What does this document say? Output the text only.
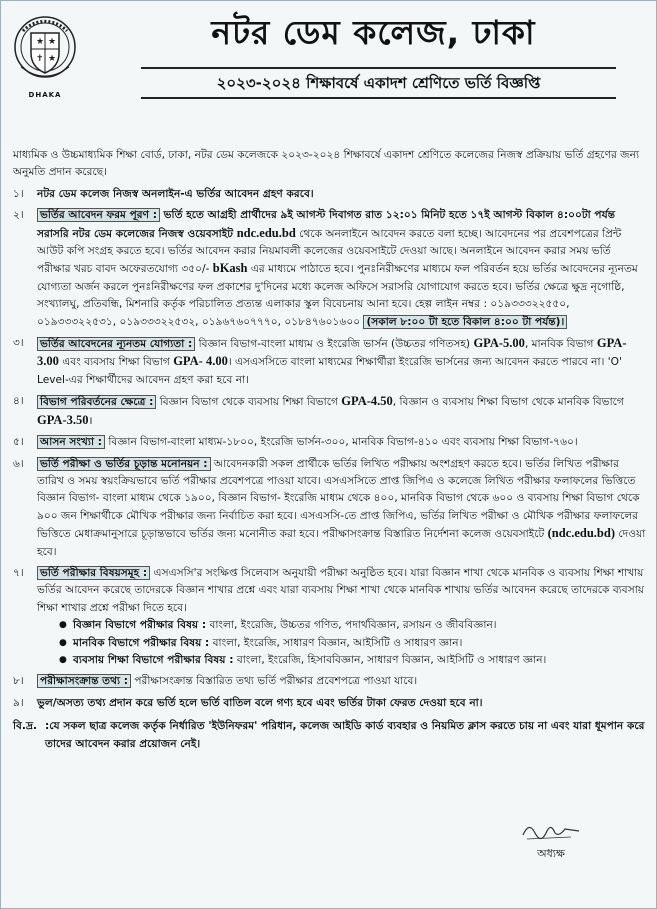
★ ★
✝ ★
DHAKA
নটর ডেম কলেজ, ঢাকা
২০২৩-২০২৪ শিক্ষাবর্ষে একাদশ শ্রেণিতে ভর্তি বিজ্ঞপ্তি

মাধ্যমিক ও উচ্চমাধ্যমিক শিক্ষা বোর্ড, ঢাকা, নটর ডেম কলেজকে ২০২৩-২০২৪ শিক্ষাবর্ষে একাদশ শ্রেণিতে কলেজের নিজস্ব প্রক্রিয়ায় ভর্তি গ্রহণের জন্য অনুমতি প্রদান করেছে।

১।	নটর ডেম কলেজ নিজস্ব অনলাইন-এ ভর্তির আবেদন গ্রহণ করবে।
২।	ভর্তির আবেদন ফরম পূরণ : ভর্তি হতে আগ্রহী প্রার্থীদের ৯ই আগস্ট দিবাগত রাত ১২:০১ মিনিট হতে ১৭ই আগস্ট বিকাল ৪:০০টা পর্যন্ত সরাসরি নটর ডেম কলেজের নিজস্ব ওয়েবসাইট ndc.edu.bd থেকে অনলাইনে আবেদন করতে বলা হচ্ছে। আবেদনের পর প্রবেশপত্রের প্রিন্ট আউট কপি সংগ্রহ করতে হবে। ভর্তির আবেদন করার নিয়মাবলী কলেজের ওয়েবসাইটে দেওয়া আছে। অনলাইনে আবেদন করার সময় ভর্তি পরীক্ষার খরচ বাবদ অফেরতযোগ্য ৩৫০/- bKash এর মাধ্যমে পাঠাতে হবে। পুনঃনিরীক্ষণের মাধ্যমে ফল পরিবর্তন হয়ে ভর্তির আবেদনের ন্যূনতম যোগ্যতা অর্জন করলে পুনঃনিরীক্ষণের ফল প্রকাশের দু'দিনের মধ্যে কলেজ অফিসে সরাসরি যোগাযোগ করতে হবে। ভর্তির ক্ষেত্রে ক্ষুদ্র নৃগোষ্ঠি, সংখ্যালঘু, প্রতিবন্ধি, মিশনারি কর্তৃক পরিচালিত প্রত্যন্ত এলাকার স্কুল বিবেচনায় আনা হবে। হেল্প লাইন নম্বর : ০১৯৩৩৩২২৫৫০, ০১৯৩৩৩২২৫৩১, ০১৯৩৩৩২২৫৩২, ০১৯৬৭৬০৭৭৭০, ০১৮৪৭৬০১৬০০ (সকাল ৮:০০ টা হতে বিকাল ৪:০০ টা পর্যন্ত)।
৩।	ভর্তির আবেদনের ন্যূনতম যোগ্যতা : বিজ্ঞান বিভাগ-বাংলা মাধ্যম ও ইংরেজি ভার্সন (উচ্চতর গণিতসহ) GPA-5.00, মানবিক বিভাগ GPA-3.00 এবং ব্যবসায় শিক্ষা বিভাগ GPA- 4.00। এসএসসিতে বাংলা মাধ্যমের শিক্ষার্থীরা ইংরেজি ভার্সনের জন্য আবেদন করতে পারবে না। 'O' Level-এর শিক্ষার্থীদের আবেদন গ্রহণ করা হবে না।
৪।	বিভাগ পরিবর্তনের ক্ষেত্রে : বিজ্ঞান বিভাগ থেকে ব্যবসায় শিক্ষা বিভাগে GPA-4.50, বিজ্ঞান ও ব্যবসায় শিক্ষা বিভাগ থেকে মানবিক বিভাগে GPA-3.50।
৫।	আসন সংখ্যা : বিজ্ঞান বিভাগ-বাংলা মাধ্যম-১৮০০, ইংরেজি ভার্সন-৩০০, মানবিক বিভাগ-৪১০ এবং ব্যবসায় শিক্ষা বিভাগ-৭৬০।
৬।	ভর্তি পরীক্ষা ও ভর্তির চূড়ান্ত মনোনয়ন : আবেদনকারী সকল প্রার্থীকে ভর্তির লিখিত পরীক্ষায় অংশগ্রহণ করতে হবে। ভর্তির লিখিত পরীক্ষার তারিখ ও সময় স্বয়ংক্রিয়ভাবে ভর্তি পরীক্ষার প্রবেশপত্রে পাওয়া যাবে। এসএসসিতে প্রাপ্ত জিপিএ ও কলেজে লিখিত পরীক্ষার ফলাফলের ভিত্তিতে বিজ্ঞান বিভাগ- বাংলা মাধ্যম থেকে ১৯০০, বিজ্ঞান বিভাগ- ইংরেজি মাধ্যম থেকে ৪০০, মানবিক বিভাগ থেকে ৬০০ ও ব্যবসায় শিক্ষা বিভাগ থেকে ৯০০ জন শিক্ষার্থীকে মৌখিক পরীক্ষার জন্য নির্বাচিত করা হবে। এসএসসি-তে প্রাপ্ত জিপিএ, ভর্তির লিখিত পরীক্ষা ও মৌখিক পরীক্ষার ফলাফলের ভিত্তিতে মেধাক্রমানুসারে চূড়ান্তভাবে ভর্তির জন্য মনোনীত করা হবে। পরীক্ষাসংক্রান্ত বিস্তারিত নির্দেশনা কলেজ ওয়েবসাইটে (ndc.edu.bd) দেওয়া হবে।
৭।	ভর্তি পরীক্ষার বিষয়সমূহ : এসএসসি'র সংক্ষিপ্ত সিলেবাস অনুযায়ী পরীক্ষা অনুষ্ঠিত হবে। যারা বিজ্ঞান শাখা থেকে মানবিক ও ব্যবসায় শিক্ষা শাখায় ভর্তির আবেদন করেছে তাদেরকে বিজ্ঞান শাখার প্রশ্নে এবং যারা ব্যবসায় শিক্ষা শাখা থেকে মানবিক শাখায় ভর্তির আবেদন করেছে তাদেরকে ব্যবসায় শিক্ষা শাখার প্রশ্নে পরীক্ষা দিতে হবে।
● বিজ্ঞান বিভাগে পরীক্ষার বিষয় : বাংলা, ইংরেজি, উচ্চতর গণিত, পদার্থবিজ্ঞান, রসায়ন ও জীববিজ্ঞান।
● মানবিক বিভাগে পরীক্ষার বিষয় : বাংলা, ইংরেজি, সাধারণ বিজ্ঞান, আইসিটি ও সাধারণ জ্ঞান।
● ব্যবসায় শিক্ষা বিভাগে পরীক্ষার বিষয় : বাংলা, ইংরেজি, হিসাববিজ্ঞান, সাধারণ বিজ্ঞান, আইসিটি ও সাধারণ জ্ঞান।
৮।	পরীক্ষাসংক্রান্ত তথ্য : পরীক্ষাসংক্রান্ত বিস্তারিত তথ্য ভর্তি পরীক্ষার প্রবেশপত্রে পাওয়া যাবে।
৯।	ভুল/অসত্য তথ্য প্রদান করে ভর্তি হলে ভর্তি বাতিল বলে গণ্য হবে এবং ভর্তির টাকা ফেরত দেওয়া হবে না।
বি.দ্র. :যে সকল ছাত্র কলেজ কর্তৃক নির্ধারিত 'ইউনিফরম' পরিধান, কলেজ আইডি কার্ড ব্যবহার ও নিয়মিত ক্লাস করতে চায় না এবং যারা ধূমপান করে তাদের আবেদন করার প্রয়োজন নেই।
অধ্যক্ষ
